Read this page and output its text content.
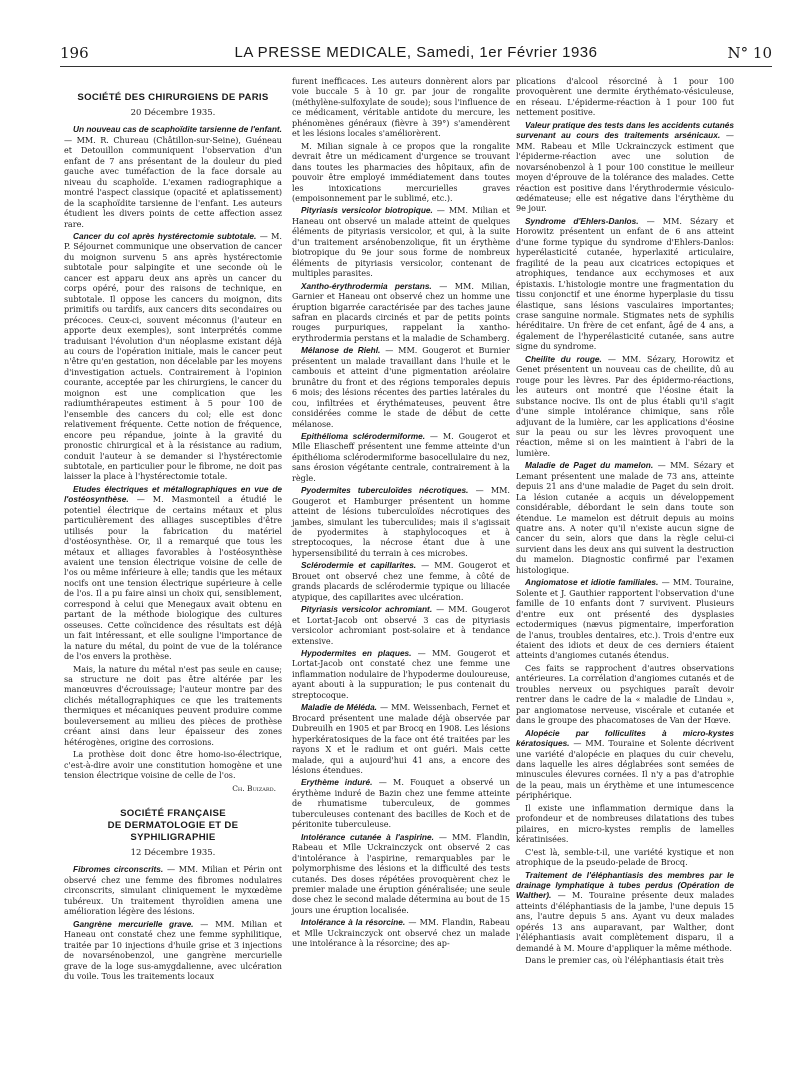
196	LA PRESSE MEDICALE, Samedi, 1er Février 1936	N° 10
SOCIÉTÉ DES CHIRURGIENS DE PARIS
20 Décembre 1935.

Un nouveau cas de scaphoïdite tarsienne de l'enfant. — MM. R. Chureau (Châtillon-sur-Seine), Guéneau et Detouillon communiquent l'observation d'un enfant de 7 ans présentant de la douleur du pied gauche avec tuméfaction de la face dorsale au niveau du scaphoïde. L'examen radiographique a montré l'aspect classique (opacité et aplatissement) de la scaphoïdite tarsienne de l'enfant. Les auteurs étudient les divers points de cette affection assez rare.

Cancer du col après hystérectomie subtotale. — M. P. Séjournet communique une observation de cancer du moignon survenu 5 ans après hystérectomie subtotale pour salpingite et une seconde où le cancer est apparu deux ans après un cancer du corps opéré, pour des raisons de technique, en subtotale. Il oppose les cancers du moignon, dits primitifs ou tardifs, aux cancers dits secondaires ou précoces. Ceux-ci, souvent méconnus (l'auteur en apporte deux exemples), sont interprétés comme traduisant l'évolution d'un néoplasme existant déjà au cours de l'opération initiale, mais le cancer peut n'être qu'en gestation, non décelable par les moyens d'investigation actuels. Contrairement à l'opinion courante, acceptée par les chirurgiens, le cancer du moignon est une complication que les radiumthérapeutes estiment à 5 pour 100 de l'ensemble des cancers du col; elle est donc relativement fréquente. Cette notion de fréquence, encore peu répandue, jointe à la gravité du pronostic chirurgical et à la résistance au radium, conduit l'auteur à se demander si l'hystérectomie subtotale, en particulier pour le fibrome, ne doit pas laisser la place à l'hystérectomie totale.

Etudes électriques et métallographiques en vue de l'ostéosynthèse. — M. Masmonteil a étudié le potentiel électrique de certains métaux et plus particulièrement des alliages susceptibles d'être utilisés pour la fabrication du matériel d'ostéosynthèse. Or, il a remarqué que tous les métaux et alliages favorables à l'ostéosynthèse avaient une tension électrique voisine de celle de l'os ou même inférieure à elle; tandis que les métaux nocifs ont une tension électrique supérieure à celle de l'os. Il a pu faire ainsi un choix qui, sensiblement, correspond à celui que Menegaux avait obtenu en partant de la méthode biologique des cultures osseuses. Cette coïncidence des résultats est déjà un fait intéressant, et elle souligne l'importance de la nature du métal, du point de vue de la tolérance de l'os envers la prothèse.

Mais, la nature du métal n'est pas seule en cause; sa structure ne doit pas être altérée par les manœuvres d'écrouissage; l'auteur montre par des clichés métallographiques ce que les traitements thermiques et mécaniques peuvent produire comme bouleversement au milieu des pièces de prothèse créant ainsi dans leur épaisseur des zones hétérogènes, origine des corrosions.

La prothèse doit donc être homo-iso-électrique, c'est-à-dire avoir une constitution homogène et une tension électrique voisine de celle de l'os.

Ch. Buizard.
SOCIÉTÉ FRANÇAISE
DE DERMATOLOGIE ET DE SYPHILIGRAPHIE
12 Décembre 1935.

Fibromes circonscrits. — MM. Milian et Périn ont observé chez une femme des fibromes nodulaires circonscrits, simulant cliniquement le myxœdème tubéreux. Un traitement thyroïdien amena une amélioration légère des lésions.

Gangrène mercurielle grave. — MM. Milian et Haneau ont constaté chez une femme syphilitique, traitée par 10 injections d'huile grise et 3 injections de novarsénobenzol, une gangrène mercurielle grave de la loge sus-amygdalienne, avec ulcération du voile. Tous les traitements locaux

furent inefficaces. Les auteurs donnèrent alors par voie buccale 5 à 10 gr. par jour de rongalite (méthylène-sulfoxylate de soude); sous l'influence de ce médicament, véritable antidote du mercure, les phénomènes généraux (fièvre à 39°) s'amendèrent et les lésions locales s'améliorèrent.

M. Milian signale à ce propos que la rongalite devrait être un médicament d'urgence se trouvant dans toutes les pharmacies des hôpitaux, afin de pouvoir être employé immédiatement dans toutes les intoxications mercurielles graves (empoisonnement par le sublimé, etc.).

Pityriasis versicolor biotropique. — MM. Milian et Haneau ont observé un malade atteint de quelques éléments de pityriasis versicolor, et qui, à la suite d'un traitement arsénobenzolique, fit un érythème biotropique du 9e jour sous forme de nombreux éléments de pityriasis versicolor, contenant de multiples parasites.

Xantho-érythrodermia perstans. — MM. Milian, Garnier et Haneau ont observé chez un homme une éruption bigarrée caractérisée par des taches jaune safran en placards circinés et par de petits points rouges purpuriques, rappelant la xantho-erythrodermia perstans et la maladie de Schamberg.

Mélanose de Riehl. — MM. Gougerot et Burnier présentent un malade travaillant dans l'huile et le cambouis et atteint d'une pigmentation aréolaire brunâtre du front et des régions temporales depuis 6 mois; des lésions récentes des parties latérales du cou, infiltrées et érythémateuses, peuvent être considérées comme le stade de début de cette mélanose.

Epithélioma sclérodermiforme. — M. Gougerot et Mlle Eliascheff présentent une femme atteinte d'un épithélioma sclérodermiforme basocellulaire du nez, sans érosion végétante centrale, contrairement à la règle.

Pyodermites tuberculoïdes nécrotiques. — MM. Gougerot et Hamburger présentent un homme atteint de lésions tuberculoïdes nécrotiques des jambes, simulant les tuberculides; mais il s'agissait de pyodermites à staphylocoques et à streptocoques, la nécrose étant due à une hypersensibilité du terrain à ces microbes.

Sclérodermie et capillarites. — MM. Gougerot et Brouet ont observé chez une femme, à côté de grands placards de sclérodermie typique ou liliacée atypique, des capillarites avec ulcération.

Pityriasis versicolor achromiant. — MM. Gougerot et Lortat-Jacob ont observé 3 cas de pityriasis versicolor achromiant post-solaire et à tendance extensive.

Hypodermites en plaques. — MM. Gougerot et Lortat-Jacob ont constaté chez une femme une inflammation nodulaire de l'hypoderme douloureuse, ayant abouti à la suppuration; le pus contenait du streptocoque.

Maladie de Méléda. — MM. Weissenbach, Fernet et Brocard présentent une malade déjà observée par Dubreuilh en 1905 et par Brocq en 1908. Les lésions hyperkératosiques de la face ont été traitées par les rayons X et le radium et ont guéri. Mais cette malade, qui a aujourd'hui 41 ans, a encore des lésions étendues.

Erythème induré. — M. Fouquet a observé un érythème induré de Bazin chez une femme atteinte de rhumatisme tuberculeux, de gommes tuberculeuses contenant des bacilles de Koch et de péritonite tuberculeuse.

Intolérance cutanée à l'aspirine. — MM. Flandin, Rabeau et Mlle Uckrainczyck ont observé 2 cas d'intolérance à l'aspirine, remarquables par le polymorphisme des lésions et la difficulté des tests cutanés. Des doses répétées provoquèrent chez le premier malade une éruption généralisée; une seule dose chez le second malade détermina au bout de 15 jours une éruption localisée.

Intolérance à la résorcine. — MM. Flandin, Rabeau et Mlle Uckrainczyck ont observé chez un malade une intolérance à la résorcine; des ap-

plications d'alcool résorciné à 1 pour 100 provoquèrent une dermite érythémato-vésiculeuse, en réseau. L'épiderme-réaction à 1 pour 100 fut nettement positive.

Valeur pratique des tests dans les accidents cutanés survenant au cours des traitements arsénicaux. — MM. Rabeau et Mlle Uckrainczyck estiment que l'épiderme-réaction avec une solution de novarsénobenzol à 1 pour 100 constitue le meilleur moyen d'éprouve de la tolérance des malades. Cette réaction est positive dans l'érythrodermie vésiculo-œdémateuse; elle est négative dans l'érythème du 9e jour.

Syndrome d'Ehlers-Danlos. — MM. Sézary et Horowitz présentent un enfant de 6 ans atteint d'une forme typique du syndrome d'Ehlers-Danlos: hyperélasticité cutanée, hyperlaxité articulaire, fragilité de la peau aux cicatrices ectopiques et atrophiques, tendance aux ecchymoses et aux épistaxis. L'histologie montre une fragmentation du tissu conjonctif et une énorme hyperplasie du tissu élastique, sans lésions vasculaires importantes; crase sanguine normale. Stigmates nets de syphilis héréditaire. Un frère de cet enfant, âgé de 4 ans, a également de l'hyperélasticité cutanée, sans autre signe du syndrome.

Cheilite du rouge. — MM. Sézary, Horowitz et Genet présentent un nouveau cas de cheilite, dû au rouge pour les lèvres. Par des épidermo-réactions, les auteurs ont montré que l'éosine était la substance nocive. Ils ont de plus établi qu'il s'agit d'une simple intolérance chimique, sans rôle adjuvant de la lumière, car les applications d'éosine sur la peau ou sur les lèvres provoquent une réaction, même si on les maintient à l'abri de la lumière.

Maladie de Paget du mamelon. — MM. Sézary et Lemant présentent une malade de 73 ans, atteinte depuis 21 ans d'une maladie de Paget du sein droit. La lésion cutanée a acquis un développement considérable, débordant le sein dans toute son étendue. Le mamelon est détruit depuis au moins quatre ans. A noter qu'il n'existe aucun signe de cancer du sein, alors que dans la règle celui-ci survient dans les deux ans qui suivent la destruction du mamelon. Diagnostic confirmé par l'examen histologique.

Angiomatose et idiotie familiales. — MM. Touraine, Solente et J. Gauthier rapportent l'observation d'une famille de 10 enfants dont 7 survivent. Plusieurs d'entre eux ont présenté des dysplasies ectodermiques (nævus pigmentaire, imperforation de l'anus, troubles dentaires, etc.). Trois d'entre eux étaient des idiots et deux de ces derniers étaient atteints d'angiomes cutanés étendus.

Ces faits se rapprochent d'autres observations antérieures. La corrélation d'angiomes cutanés et de troubles nerveux ou psychiques paraît devoir rentrer dans le cadre de la « maladie de Lindau », par angiomatose nerveuse, viscérale et cutanée et dans le groupe des phacomatoses de Van der Hœve.

Alopécie par folliculites à micro-kystes kératosiques. — MM. Touraine et Solente décrivent une variété d'alopécie en plaques du cuir chevelu, dans laquelle les aires déglabrées sont semées de minuscules élevures cornées. Il n'y a pas d'atrophie de la peau, mais un érythème et une intumescence périphérique.

Il existe une inflammation dermique dans la profondeur et de nombreuses dilatations des tubes pilaires, en micro-kystes remplis de lamelles kératinisées.

C'est là, semble-t-il, une variété kystique et non atrophique de la pseudo-pelade de Brocq.

Traitement de l'éléphantiasis des membres par le drainage lymphatique à tubes perdus (Opération de Walther). — M. Touraine présente deux malades atteints d'éléphantiasis de la jambe, l'une depuis 15 ans, l'autre depuis 5 ans. Ayant vu deux malades opérés 13 ans auparavant, par Walther, dont l'éléphantiasis avait complètement disparu, il a demandé à M. Moure d'appliquer la même méthode.

Dans le premier cas, où l'éléphantiasis était très
